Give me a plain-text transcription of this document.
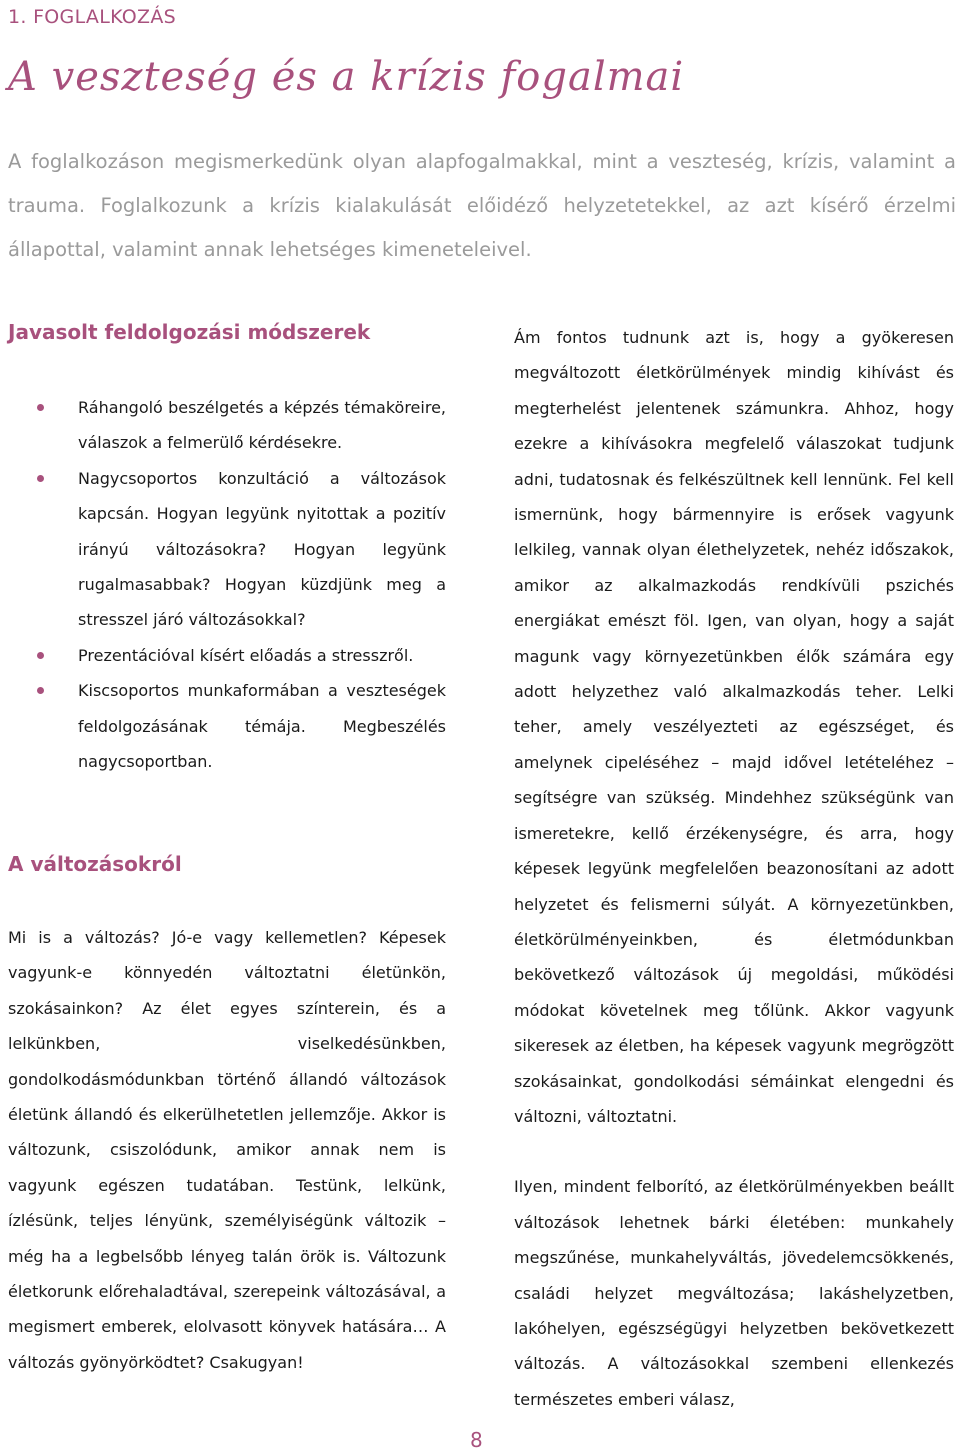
1. FOGLALKOZÁS
A veszteség és a krízis fogalmai
A foglalkozáson megismerkedünk olyan alapfogalmakkal, mint a veszteség, krízis, valamint a trauma. Foglalkozunk a krízis kialakulását előidéző helyzetetekkel, az azt kísérő érzelmi állapottal, valamint annak lehetséges kimeneteleivel.
Javasolt feldolgozási módszerek
Ráhangoló beszélgetés a képzés témaköreire, válaszok a felmerülő kérdésekre.
Nagycsoportos konzultáció a változások kapcsán. Hogyan legyünk nyitottak a pozitív irányú változásokra? Hogyan legyünk rugalmasabbak? Hogyan küzdjünk meg a stresszel járó változásokkal?
Prezentációval kísért előadás a stresszről.
Kiscsoportos munkaformában a veszteségek feldolgozásának témája. Megbeszélés nagycsoportban.
A változásokról

Mi is a változás? Jó-e vagy kellemetlen? Képesek vagyunk-e könnyedén változtatni életünkön, szokásainkon? Az élet egyes színterein, és a lelkünkben, viselkedésünkben, gondolkodásmódunkban történő állandó változások életünk állandó és elkerülhetetlen jellemzője. Akkor is változunk, csiszolódunk, amikor annak nem is vagyunk egészen tudatában. Testünk, lelkünk, ízlésünk, teljes lényünk, személyiségünk változik – még ha a legbelsőbb lényeg talán örök is. Változunk életkorunk előrehaladtával, szerepeink változásával, a megismert emberek, elolvasott könyvek hatására… A változás gyönyörködtet? Csakugyan!

Ám fontos tudnunk azt is, hogy a gyökeresen megváltozott életkörülmények mindig kihívást és megterhelést jelentenek számunkra. Ahhoz, hogy ezekre a kihívásokra megfelelő válaszokat tudjunk adni, tudatosnak és felkészültnek kell lennünk. Fel kell ismernünk, hogy bármennyire is erősek vagyunk lelkileg, vannak olyan élethelyzetek, nehéz időszakok, amikor az alkalmazkodás rendkívüli pszichés energiákat emészt föl. Igen, van olyan, hogy a saját magunk vagy környezetünkben élők számára egy adott helyzethez való alkalmazkodás teher. Lelki teher, amely veszélyezteti az egészséget, és amelynek cipeléséhez – majd idővel letételéhez – segítségre van szükség. Mindehhez szükségünk van ismeretekre, kellő érzékenységre, és arra, hogy képesek legyünk megfelelően beazonosítani az adott helyzetet és felismerni súlyát. A környezetünkben, életkörülményeinkben, és életmódunkban bekövetkező változások új megoldási, működési módokat követelnek meg tőlünk. Akkor vagyunk sikeresek az életben, ha képesek vagyunk megrögzött szokásainkat, gondolkodási sémáinkat elengedni és változni, változtatni.

Ilyen, mindent felborító, az életkörülményekben beállt változások lehetnek bárki életében: munkahely megszűnése, munkahelyváltás, jövedelemcsökkenés, családi helyzet megváltozása; lakáshelyzetben, lakóhelyen, egészségügyi helyzetben bekövetkezett változás. A változásokkal szembeni ellenkezés természetes emberi válasz,

8
